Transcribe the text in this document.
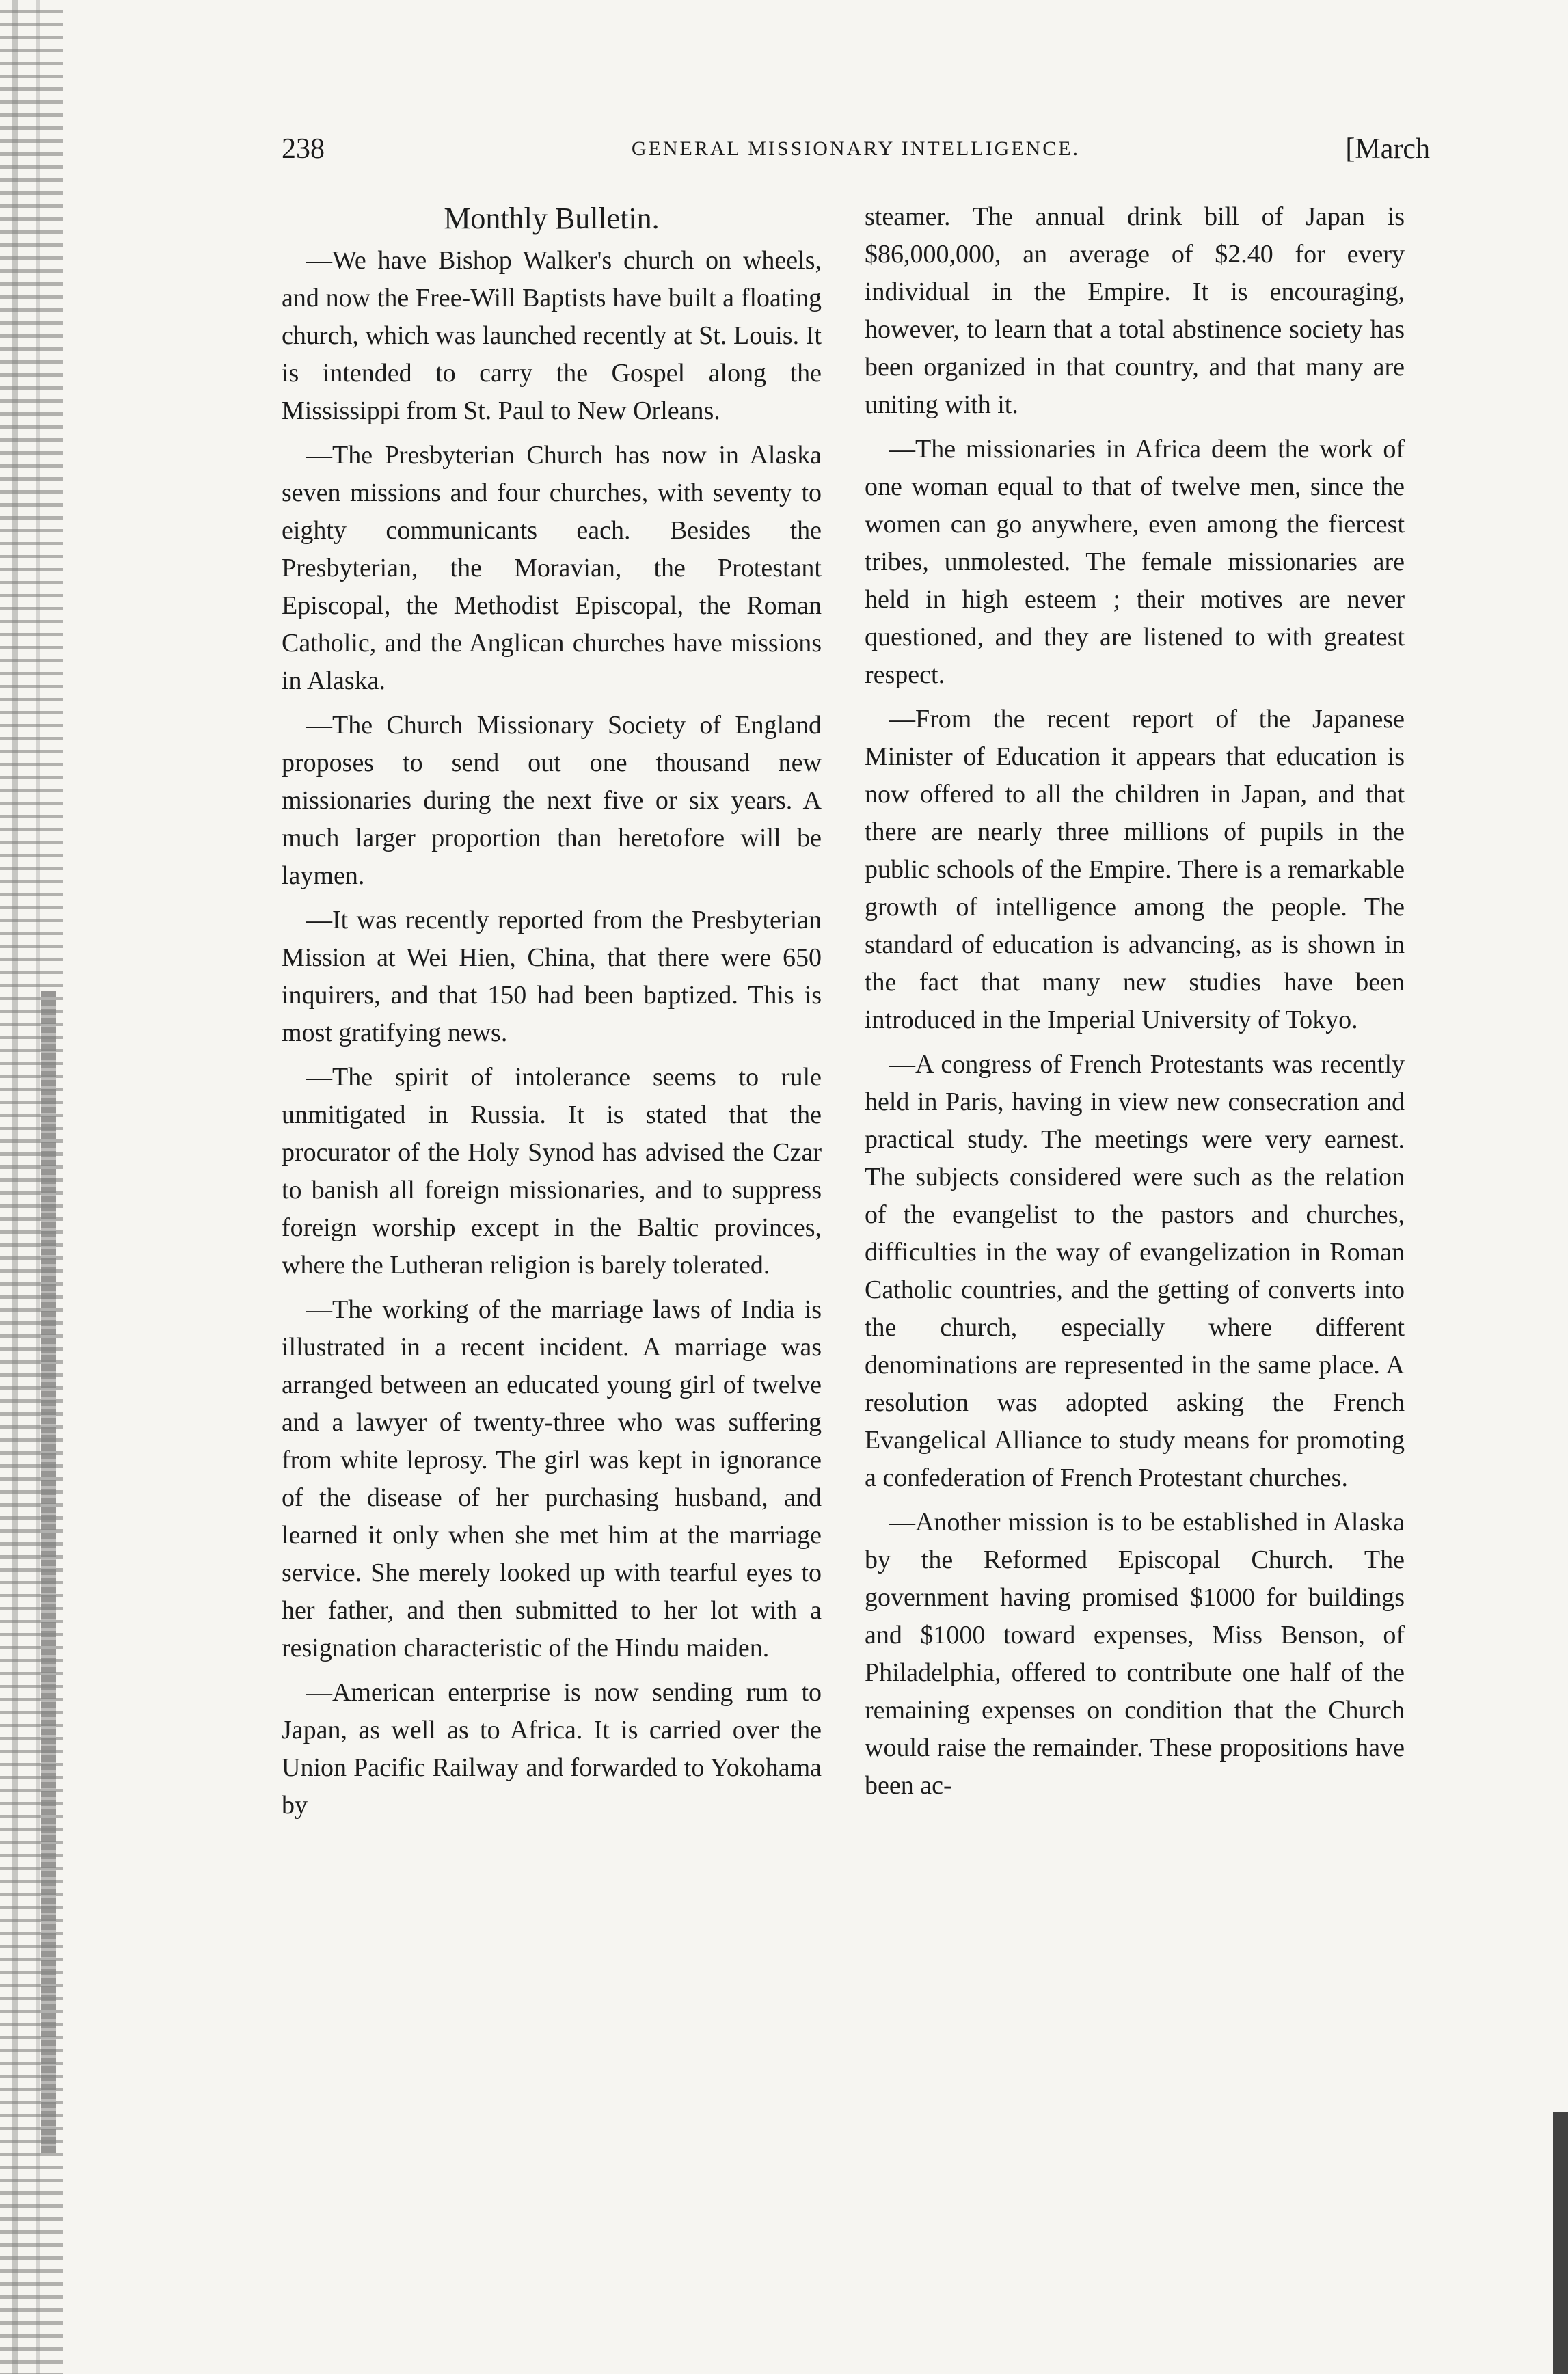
238	GENERAL MISSIONARY INTELLIGENCE.	[March
Monthly Bulletin.

—We have Bishop Walker's church on wheels, and now the Free-Will Baptists have built a floating church, which was launched recently at St. Louis. It is intended to carry the Gospel along the Mississippi from St. Paul to New Orleans.

—The Presbyterian Church has now in Alaska seven missions and four churches, with seventy to eighty communicants each. Besides the Presbyterian, the Moravian, the Protestant Episcopal, the Methodist Episcopal, the Roman Catholic, and the Anglican churches have missions in Alaska.

—The Church Missionary Society of England proposes to send out one thousand new missionaries during the next five or six years. A much larger proportion than heretofore will be laymen.

—It was recently reported from the Presbyterian Mission at Wei Hien, China, that there were 650 inquirers, and that 150 had been baptized. This is most gratifying news.

—The spirit of intolerance seems to rule unmitigated in Russia. It is stated that the procurator of the Holy Synod has advised the Czar to banish all foreign missionaries, and to suppress foreign worship except in the Baltic provinces, where the Lutheran religion is barely tolerated.

—The working of the marriage laws of India is illustrated in a recent incident. A marriage was arranged between an educated young girl of twelve and a lawyer of twenty-three who was suffering from white leprosy. The girl was kept in ignorance of the disease of her purchasing husband, and learned it only when she met him at the marriage service. She merely looked up with tearful eyes to her father, and then submitted to her lot with a resignation characteristic of the Hindu maiden.

—American enterprise is now sending rum to Japan, as well as to Africa. It is carried over the Union Pacific Railway and forwarded to Yokohama by

steamer. The annual drink bill of Japan is $86,000,000, an average of $2.40 for every individual in the Empire. It is encouraging, however, to learn that a total abstinence society has been organized in that country, and that many are uniting with it.

—The missionaries in Africa deem the work of one woman equal to that of twelve men, since the women can go anywhere, even among the fiercest tribes, unmolested. The female missionaries are held in high esteem ; their motives are never questioned, and they are listened to with greatest respect.

—From the recent report of the Japanese Minister of Education it appears that education is now offered to all the children in Japan, and that there are nearly three millions of pupils in the public schools of the Empire. There is a remarkable growth of intelligence among the people. The standard of education is advancing, as is shown in the fact that many new studies have been introduced in the Imperial University of Tokyo.

—A congress of French Protestants was recently held in Paris, having in view new consecration and practical study. The meetings were very earnest. The subjects considered were such as the relation of the evangelist to the pastors and churches, difficulties in the way of evangelization in Roman Catholic countries, and the getting of converts into the church, especially where different denominations are represented in the same place. A resolution was adopted asking the French Evangelical Alliance to study means for promoting a confederation of French Protestant churches.

—Another mission is to be established in Alaska by the Reformed Episcopal Church. The government having promised $1000 for buildings and $1000 toward expenses, Miss Benson, of Philadelphia, offered to contribute one half of the remaining expenses on condition that the Church would raise the remainder. These propositions have been ac-
